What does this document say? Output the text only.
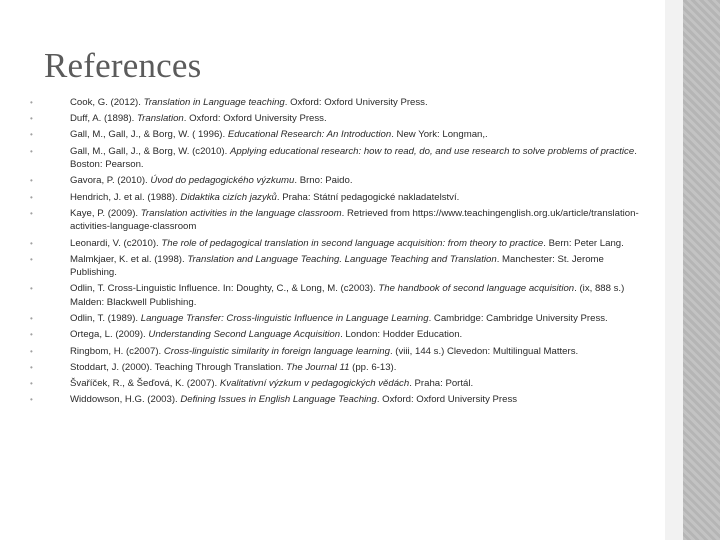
References
•	Cook, G. (2012). Translation in Language teaching. Oxford: Oxford University Press.
•	Duff, A. (1898). Translation. Oxford: Oxford University Press.
•	Gall, M., Gall, J., & Borg, W. ( 1996). Educational Research: An Introduction. New York: Longman,.
•	Gall, M., Gall, J., & Borg, W. (c2010). Applying educational research: how to read, do, and use research to solve problems of practice. Boston: Pearson.
•	Gavora, P. (2010). Úvod do pedagogického výzkumu. Brno: Paido.
•	Hendrich, J. et al. (1988). Didaktika cizích jazyků. Praha: Státní pedagogické nakladatelství.
•	Kaye, P. (2009). Translation activities in the language classroom. Retrieved from https://www.teachingenglish.org.uk/article/translation-activities-language-classroom
•	Leonardi, V. (c2010). The role of pedagogical translation in second language acquisition: from theory to practice. Bern: Peter Lang.
•	Malmkjaer, K. et al. (1998). Translation and Language Teaching. Language Teaching and Translation. Manchester: St. Jerome Publishing.
•	Odlin, T. Cross-Linguistic Influence. In: Doughty, C., & Long, M. (c2003). The handbook of second language acquisition. (ix, 888 s.) Malden: Blackwell Publishing.
•	Odlin, T. (1989). Language Transfer: Cross-linguistic Influence in Language Learning. Cambridge: Cambridge University Press.
•	Ortega, L. (2009). Understanding Second Language Acquisition. London: Hodder Education.
•	Ringbom, H. (c2007). Cross-linguistic similarity in foreign language learning. (viii, 144 s.) Clevedon: Multilingual Matters.
•	Stoddart, J. (2000). Teaching Through Translation. The Journal 11 (pp. 6-13).
•	Švaříček, R., & Šeďová, K. (2007). Kvalitativní výzkum v pedagogických vědách. Praha: Portál.
•	Widdowson, H.G. (2003). Defining Issues in English Language Teaching. Oxford: Oxford University Press
